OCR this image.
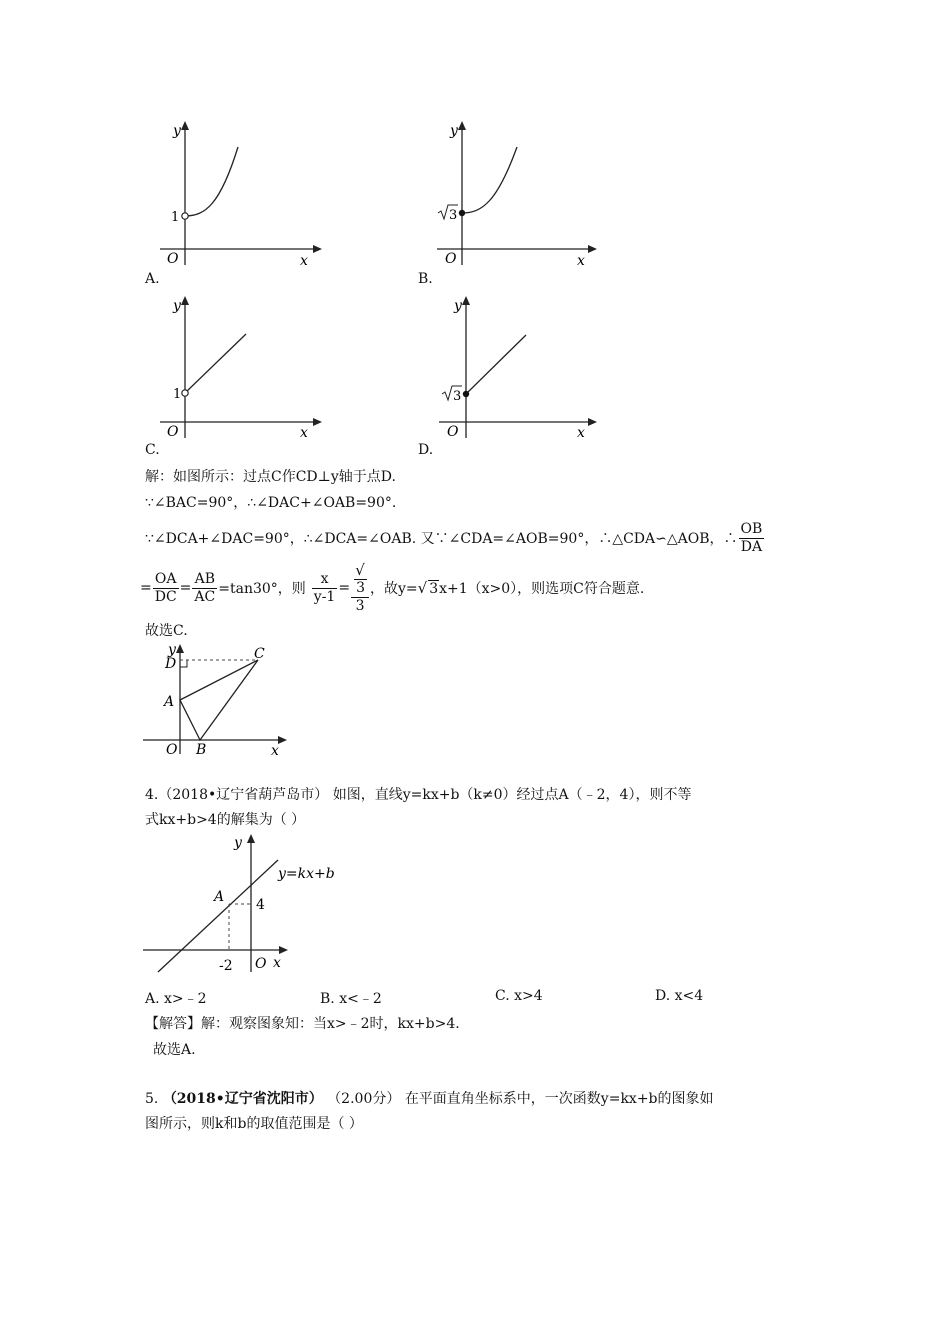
y
x
O
1
A.
y
x
O
3
B.
y
x
O
1
C.
y
x
O
3
D.
解：如图所示：过点C作CD⊥y轴于点D.
∵∠BAC=90°，∴∠DAC+∠OAB=90°.
∵∠DCA+∠DAC=90°，∴∠DCA=∠OAB. 又∵∠CDA=∠AOB=90°，∴△CDA∽△AOB，∴ $\frac{OB}{DA}$
= $\frac{OA}{DC} = \frac{AB}{AC} =\tan 30^\circ$，则 $\frac{x}{y-1}$ = √
3
3 ，故y= √ 3 x+1（x>0），则选项C符合题意.
故选C.
y
x
D
C
A
O B
4.（2018•辽宁省葫芦岛市） 如图，直线y=kx+b（k≠0）经过点A（﹣2，4），则不等
式kx+b>4的解集为（ ）
y
y=kx+b
A 4
-2 O x
A. x>﹣2	B. x<﹣2	C. x>4	D. x<4
【解答】解：观察图象知：当x>﹣2时，kx+b>4.
故选A.
5. （2018•辽宁省沈阳市） （2.00分） 在平面直角坐标系中，一次函数y=kx+b的图象如
图所示，则k和b的取值范围是（ ）
